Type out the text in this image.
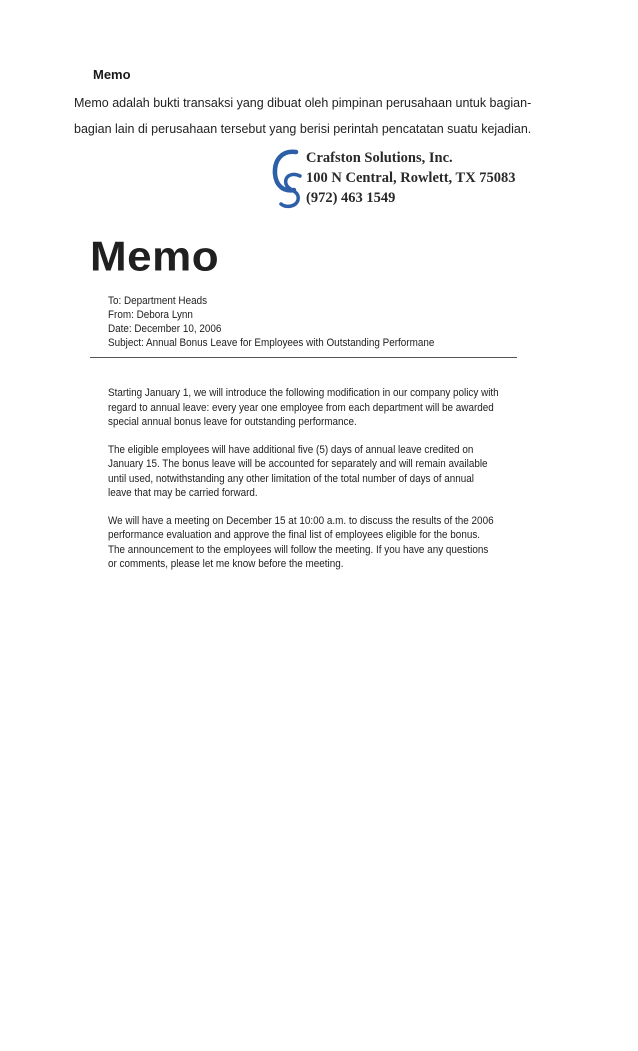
Memo

Memo adalah bukti transaksi yang dibuat oleh pimpinan perusahaan untuk bagian-bagian lain di perusahaan tersebut yang berisi perintah pencatatan suatu kejadian.

Crafston Solutions, Inc.
100 N Central, Rowlett, TX 75083
(972) 463 1549
Memo
To: Department Heads
From: Debora Lynn
Date: December 10, 2006
Subject: Annual Bonus Leave for Employees with Outstanding Performane

Starting January 1, we will introduce the following modification in our company policy with
regard to annual leave: every year one employee from each department will be awarded
special annual bonus leave for outstanding performance.

The eligible employees will have additional five (5) days of annual leave credited on
January 15. The bonus leave will be accounted for separately and will remain available
until used, notwithstanding any other limitation of the total number of days of annual
leave that may be carried forward.

We will have a meeting on December 15 at 10:00 a.m. to discuss the results of the 2006
performance evaluation and approve the final list of employees eligible for the bonus.
The announcement to the employees will follow the meeting. If you have any questions
or comments, please let me know before the meeting.
